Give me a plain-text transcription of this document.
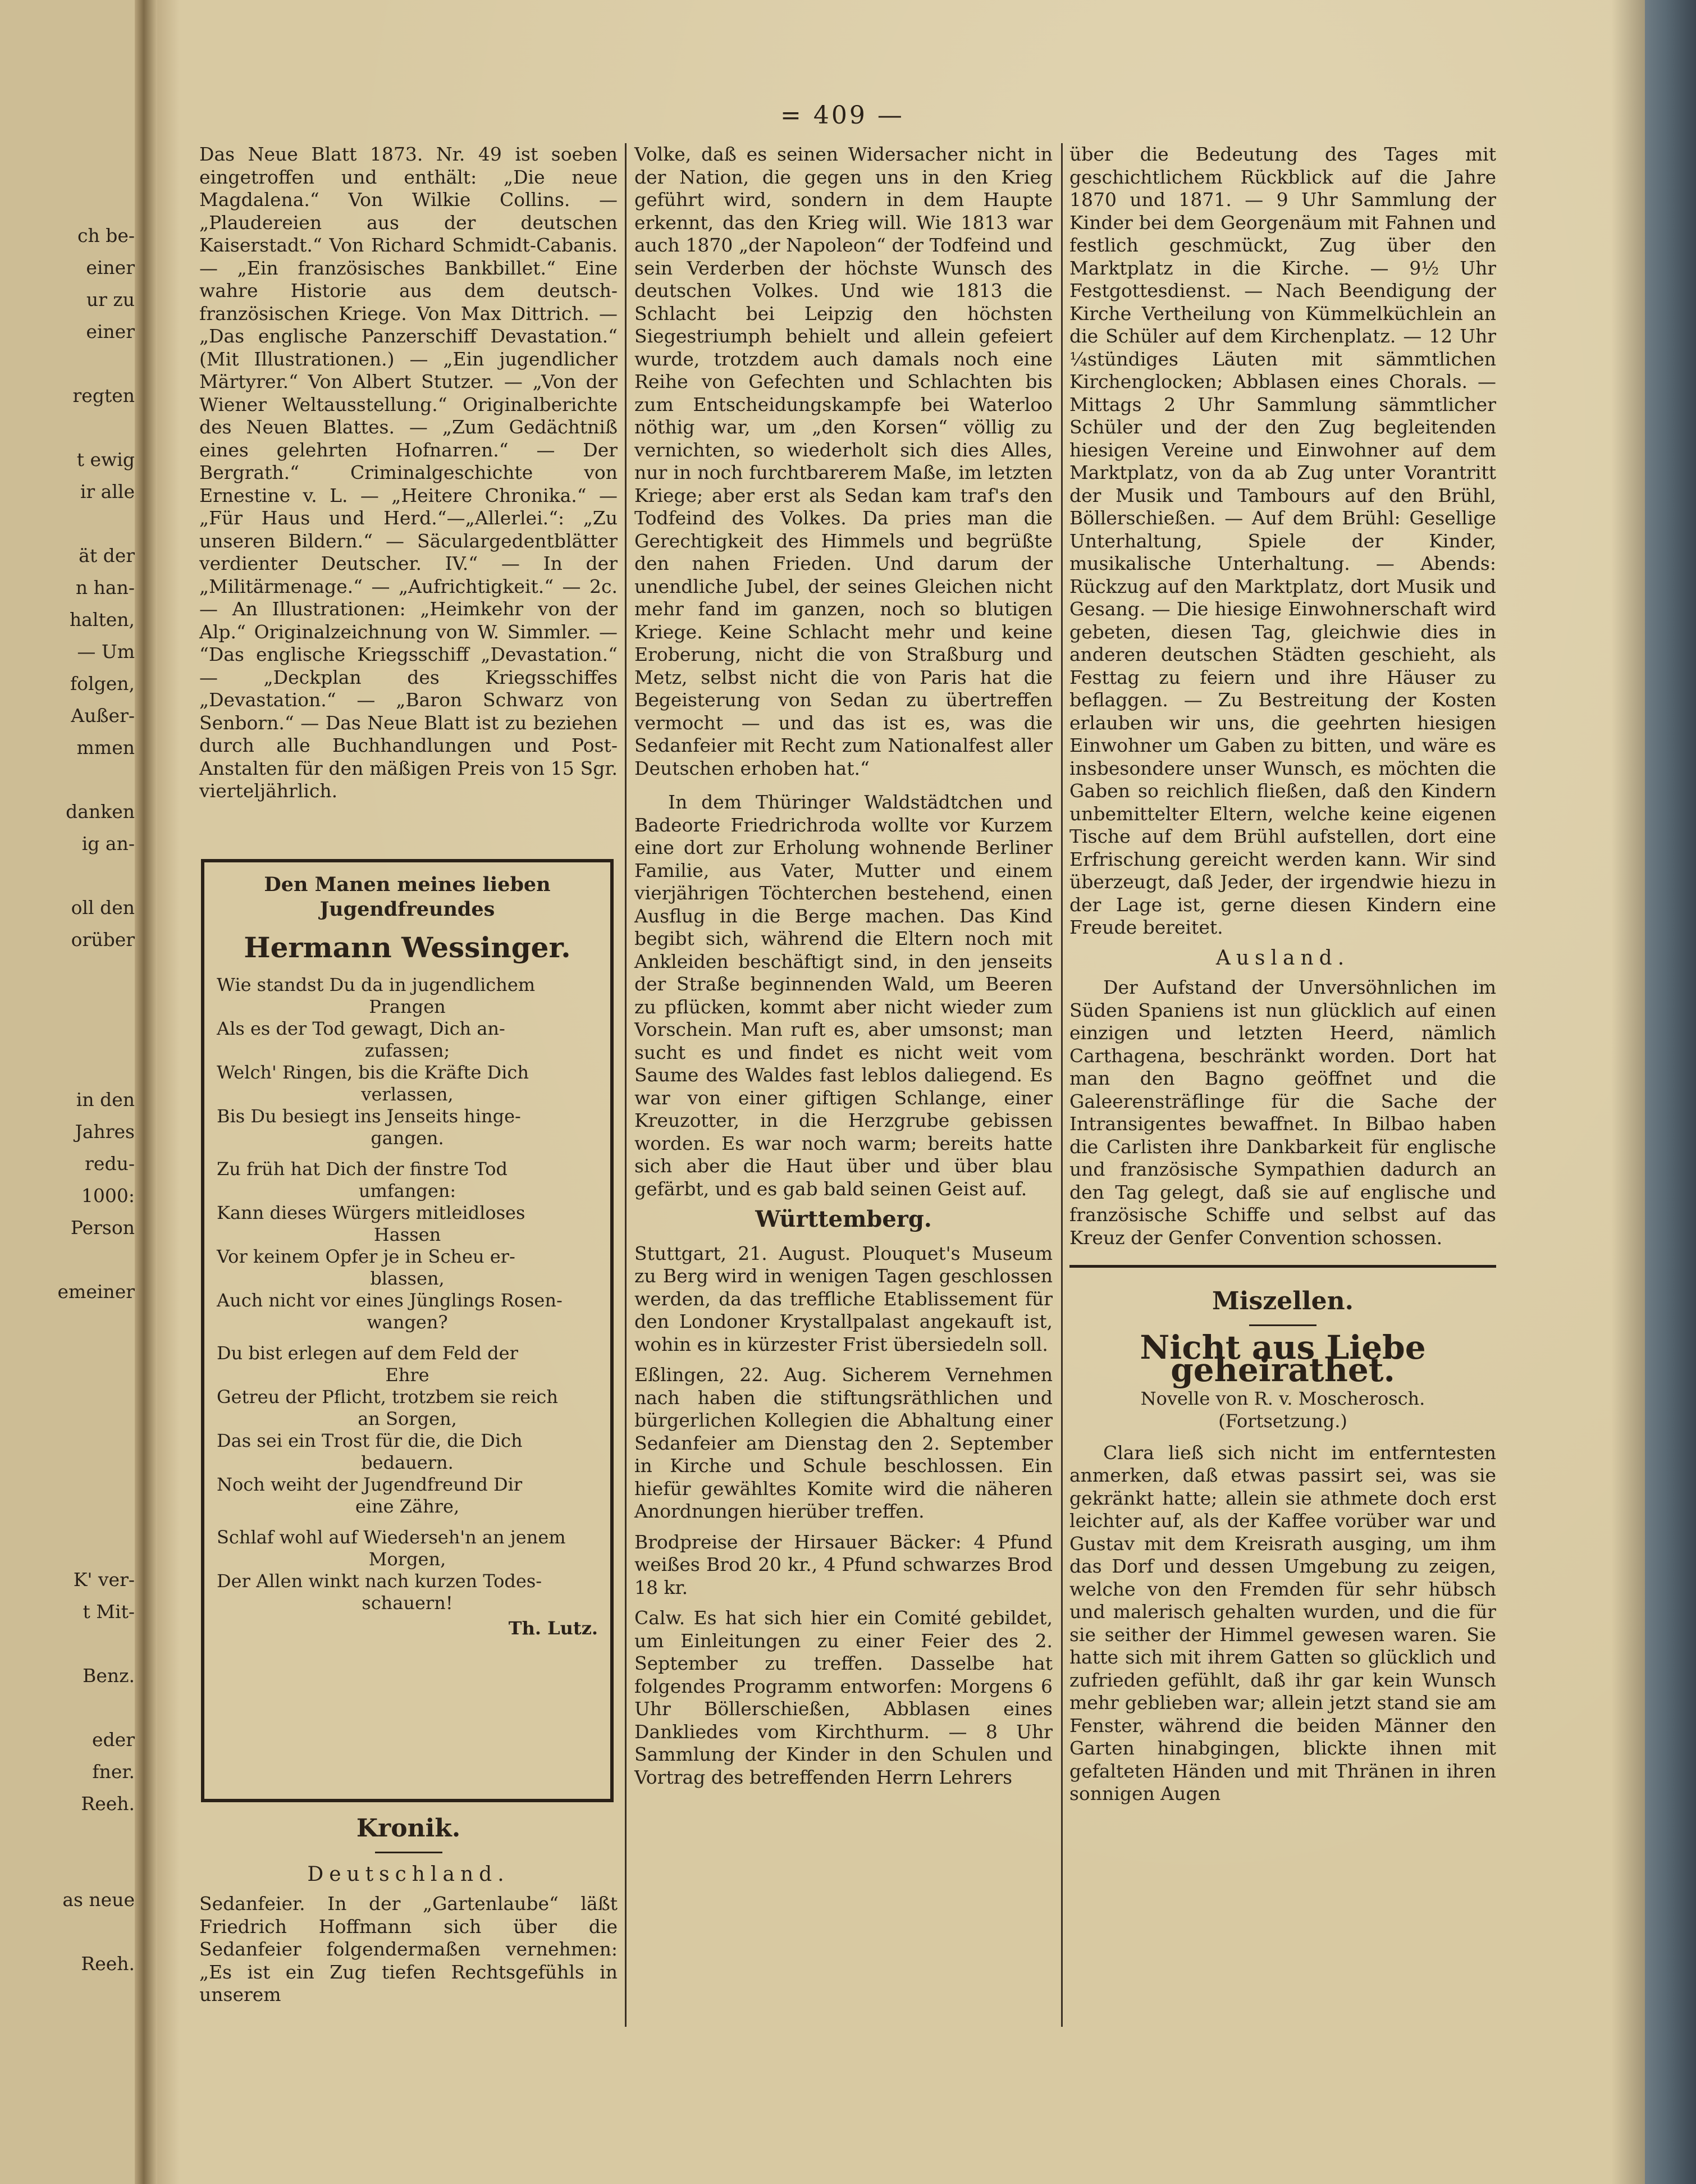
ch be-
einer
ur zu
einer

regten

t ewig
ir alle

ät der
n han-
halten,
— Um
folgen,
Außer-
mmen

danken
ig an-

oll den
orüber

in den
Jahres
redu-
1000:
Person

emeiner

K' ver-
t Mit-

Benz.

eder
fner.
Reeh.

as neue

Reeh.
= 409 —

Das Neue Blatt 1873. Nr. 49 ist soeben eingetroffen und enthält: „Die neue Magdalena.“ Von Wilkie Collins. — „Plaudereien aus der deutschen Kaiserstadt.“ Von Richard Schmidt-Cabanis. — „Ein französisches Bankbillet.“ Eine wahre Historie aus dem deutsch-französischen Kriege. Von Max Dittrich. — „Das englische Panzerschiff Devastation.“ (Mit Illustrationen.) — „Ein jugendlicher Märtyrer.“ Von Albert Stutzer. — „Von der Wiener Weltausstellung.“ Originalberichte des Neuen Blattes. — „Zum Gedächtniß eines gelehrten Hofnarren.“ — Der Bergrath.“ Criminalgeschichte von Ernestine v. L. — „Heitere Chronika.“ — „Für Haus und Herd.“—„Allerlei.“: „Zu unseren Bildern.“ — Säculargedentblätter verdienter Deutscher. IV.“ — In der „Militärmenage.“ — „Aufrichtigkeit.“ — 2c. — An Illustrationen: „Heimkehr von der Alp.“ Originalzeichnung von W. Simmler. — “Das englische Kriegsschiff „Devastation.“ — „Deckplan des Kriegsschiffes „Devastation.“ — „Baron Schwarz von Senborn.“ — Das Neue Blatt ist zu beziehen durch alle Buchhandlungen und Post-Anstalten für den mäßigen Preis von 15 Sgr. vierteljährlich.

Den Manen meines lieben Jugendfreundes
Hermann Wessinger.
Wie standst Du da in jugendlichem
Prangen
Als es der Tod gewagt, Dich an-
zufassen;
Welch' Ringen, bis die Kräfte Dich
verlassen,
Bis Du besiegt ins Jenseits hinge-
gangen.
Zu früh hat Dich der finstre Tod
umfangen:
Kann dieses Würgers mitleidloses
Hassen
Vor keinem Opfer je in Scheu er-
blassen,
Auch nicht vor eines Jünglings Rosen-
wangen?
Du bist erlegen auf dem Feld der
Ehre
Getreu der Pflicht, trotzbem sie reich
an Sorgen,
Das sei ein Trost für die, die Dich
bedauern.
Noch weiht der Jugendfreund Dir
eine Zähre,
Schlaf wohl auf Wiederseh'n an jenem
Morgen,
Der Allen winkt nach kurzen Todes-
schauern!
Th. Lutz.
Kronik.
Deutschland.

Sedanfeier. In der „Gartenlaube“ läßt Friedrich Hoffmann sich über die Sedanfeier folgendermaßen vernehmen: „Es ist ein Zug tiefen Rechtsgefühls in unserem

Volke, daß es seinen Widersacher nicht in der Nation, die gegen uns in den Krieg geführt wird, sondern in dem Haupte erkennt, das den Krieg will. Wie 1813 war auch 1870 „der Napoleon“ der Todfeind und sein Verderben der höchste Wunsch des deutschen Volkes. Und wie 1813 die Schlacht bei Leipzig den höchsten Siegestriumph behielt und allein gefeiert wurde, trotzdem auch damals noch eine Reihe von Gefechten und Schlachten bis zum Entscheidungskampfe bei Waterloo nöthig war, um „den Korsen“ völlig zu vernichten, so wiederholt sich dies Alles, nur in noch furchtbarerem Maße, im letzten Kriege; aber erst als Sedan kam traf's den Todfeind des Volkes. Da pries man die Gerechtigkeit des Himmels und begrüßte den nahen Frieden. Und darum der unendliche Jubel, der seines Gleichen nicht mehr fand im ganzen, noch so blutigen Kriege. Keine Schlacht mehr und keine Eroberung, nicht die von Straßburg und Metz, selbst nicht die von Paris hat die Begeisterung von Sedan zu übertreffen vermocht — und das ist es, was die Sedanfeier mit Recht zum Nationalfest aller Deutschen erhoben hat.“

In dem Thüringer Waldstädtchen und Badeorte Friedrichroda wollte vor Kurzem eine dort zur Erholung wohnende Berliner Familie, aus Vater, Mutter und einem vierjährigen Töchterchen bestehend, einen Ausflug in die Berge machen. Das Kind begibt sich, während die Eltern noch mit Ankleiden beschäftigt sind, in den jenseits der Straße beginnenden Wald, um Beeren zu pflücken, kommt aber nicht wieder zum Vorschein. Man ruft es, aber umsonst; man sucht es und findet es nicht weit vom Saume des Waldes fast leblos daliegend. Es war von einer giftigen Schlange, einer Kreuzotter, in die Herzgrube gebissen worden. Es war noch warm; bereits hatte sich aber die Haut über und über blau gefärbt, und es gab bald seinen Geist auf.

Württemberg.

Stuttgart, 21. August. Plouquet's Museum zu Berg wird in wenigen Tagen geschlossen werden, da das treffliche Etablissement für den Londoner Krystallpalast angekauft ist, wohin es in kürzester Frist übersiedeln soll.

Eßlingen, 22. Aug. Sicherem Vernehmen nach haben die stiftungsräthlichen und bürgerlichen Kollegien die Abhaltung einer Sedanfeier am Dienstag den 2. September in Kirche und Schule beschlossen. Ein hiefür gewähltes Komite wird die näheren Anordnungen hierüber treffen.

Brodpreise der Hirsauer Bäcker: 4 Pfund weißes Brod 20 kr., 4 Pfund schwarzes Brod 18 kr.

Calw. Es hat sich hier ein Comité gebildet, um Einleitungen zu einer Feier des 2. September zu treffen. Dasselbe hat folgendes Programm entworfen: Morgens 6 Uhr Böllerschießen, Abblasen eines Dankliedes vom Kirchthurm. — 8 Uhr Sammlung der Kinder in den Schulen und Vortrag des betreffenden Herrn Lehrers

über die Bedeutung des Tages mit geschichtlichem Rückblick auf die Jahre 1870 und 1871. — 9 Uhr Sammlung der Kinder bei dem Georgenäum mit Fahnen und festlich geschmückt, Zug über den Marktplatz in die Kirche. — 9½ Uhr Festgottesdienst. — Nach Beendigung der Kirche Vertheilung von Kümmelküchlein an die Schüler auf dem Kirchenplatz. — 12 Uhr ¼stündiges Läuten mit sämmtlichen Kirchenglocken; Abblasen eines Chorals. — Mittags 2 Uhr Sammlung sämmtlicher Schüler und der den Zug begleitenden hiesigen Vereine und Einwohner auf dem Marktplatz, von da ab Zug unter Vorantritt der Musik und Tambours auf den Brühl, Böllerschießen. — Auf dem Brühl: Gesellige Unterhaltung, Spiele der Kinder, musikalische Unterhaltung. — Abends: Rückzug auf den Marktplatz, dort Musik und Gesang. — Die hiesige Einwohnerschaft wird gebeten, diesen Tag, gleichwie dies in anderen deutschen Städten geschieht, als Festtag zu feiern und ihre Häuser zu beflaggen. — Zu Bestreitung der Kosten erlauben wir uns, die geehrten hiesigen Einwohner um Gaben zu bitten, und wäre es insbesondere unser Wunsch, es möchten die Gaben so reichlich fließen, daß den Kindern unbemittelter Eltern, welche keine eigenen Tische auf dem Brühl aufstellen, dort eine Erfrischung gereicht werden kann. Wir sind überzeugt, daß Jeder, der irgendwie hiezu in der Lage ist, gerne diesen Kindern eine Freude bereitet.

Ausland.

Der Aufstand der Unversöhnlichen im Süden Spaniens ist nun glücklich auf einen einzigen und letzten Heerd, nämlich Carthagena, beschränkt worden. Dort hat man den Bagno geöffnet und die Galeerensträflinge für die Sache der Intransigentes bewaffnet. In Bilbao haben die Carlisten ihre Dankbarkeit für englische und französische Sympathien dadurch an den Tag gelegt, daß sie auf englische und französische Schiffe und selbst auf das Kreuz der Genfer Convention schossen.

Miszellen.
Nicht aus Liebe geheirathet.
Novelle von R. v. Moscherosch.
(Fortsetzung.)

Clara ließ sich nicht im entferntesten anmerken, daß etwas passirt sei, was sie gekränkt hatte; allein sie athmete doch erst leichter auf, als der Kaffee vorüber war und Gustav mit dem Kreisrath ausging, um ihm das Dorf und dessen Umgebung zu zeigen, welche von den Fremden für sehr hübsch und malerisch gehalten wurden, und die für sie seither der Himmel gewesen waren. Sie hatte sich mit ihrem Gatten so glücklich und zufrieden gefühlt, daß ihr gar kein Wunsch mehr geblieben war; allein jetzt stand sie am Fenster, während die beiden Männer den Garten hinabgingen, blickte ihnen mit gefalteten Händen und mit Thränen in ihren sonnigen Augen
